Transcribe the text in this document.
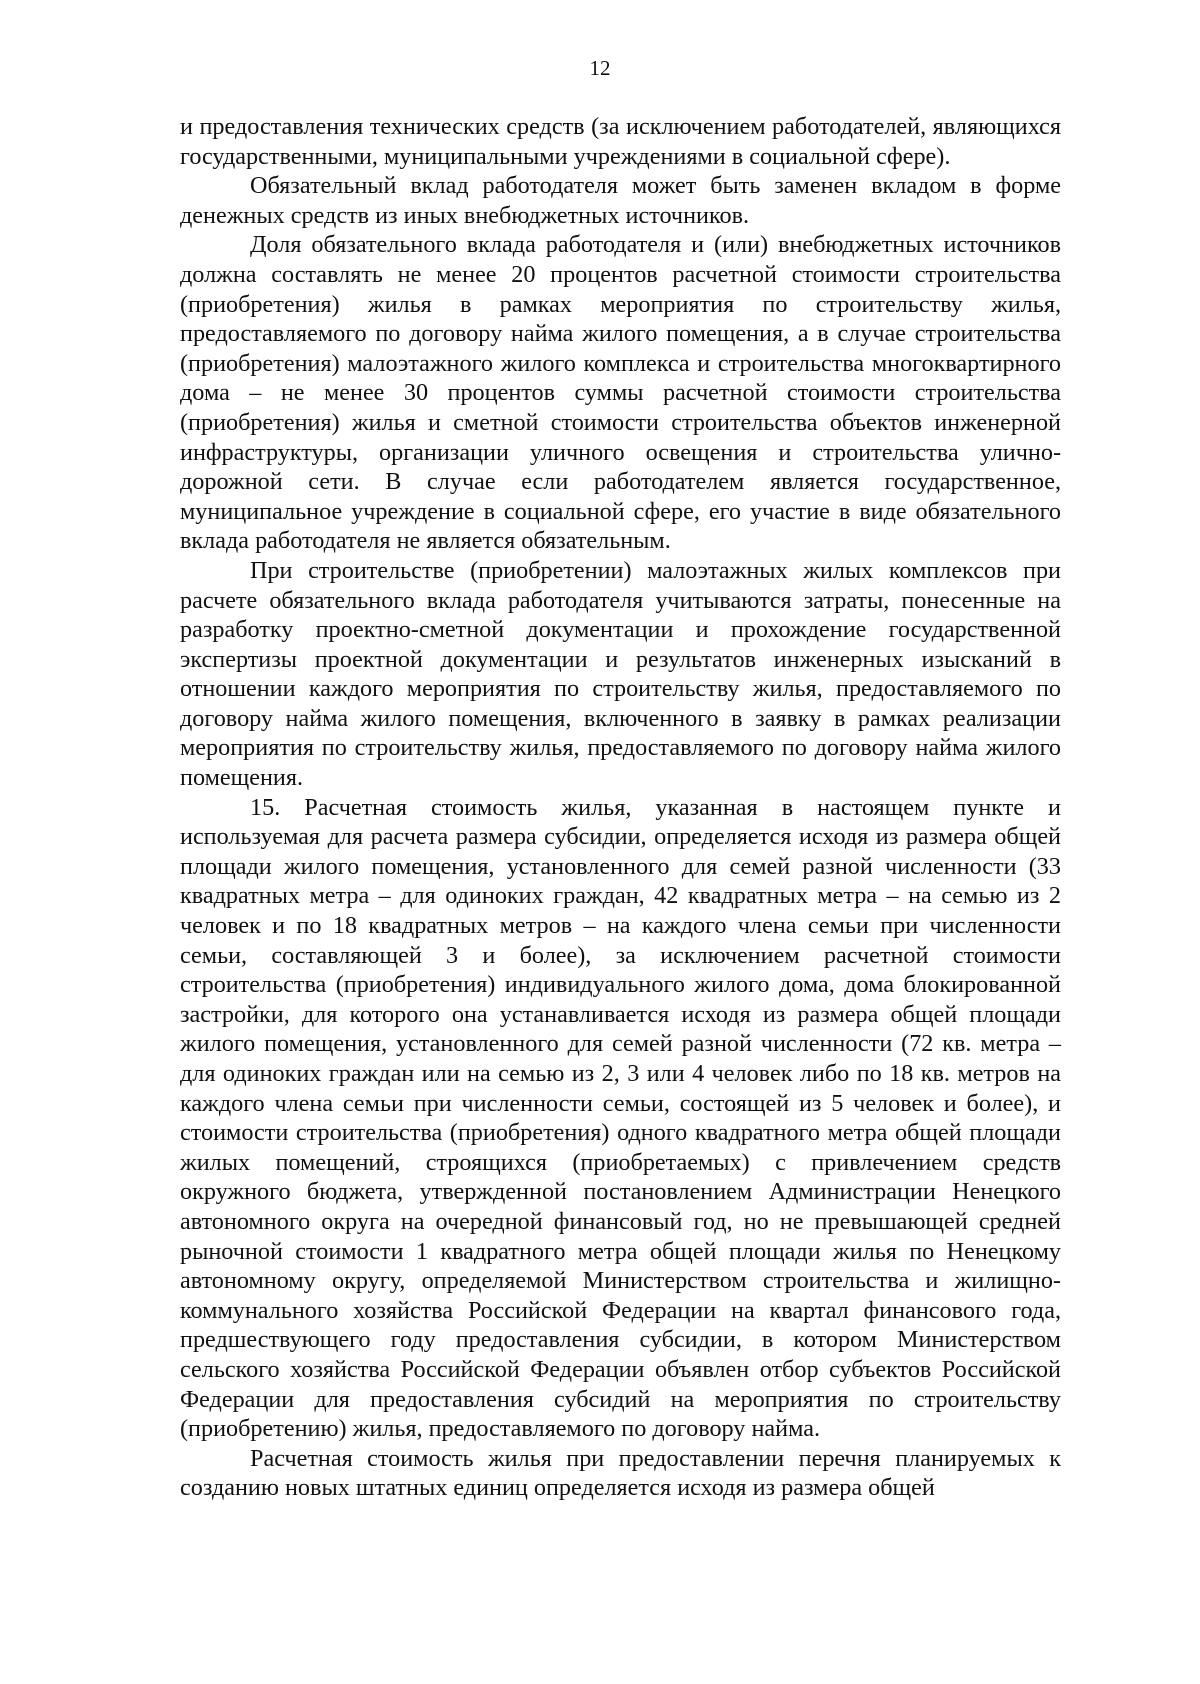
12

и предоставления технических средств (за исключением работодателей, являющихся государственными, муниципальными учреждениями в социальной сфере).

Обязательный вклад работодателя может быть заменен вкладом в форме денежных средств из иных внебюджетных источников.

Доля обязательного вклада работодателя и (или) внебюджетных источников должна составлять не менее 20 процентов расчетной стоимости строительства (приобретения) жилья в рамках мероприятия по строительству жилья, предоставляемого по договору найма жилого помещения, а в случае строительства (приобретения) малоэтажного жилого комплекса и строительства многоквартирного дома – не менее 30 процентов суммы расчетной стоимости строительства (приобретения) жилья и сметной стоимости строительства объектов инженерной инфраструктуры, организации уличного освещения и строительства улично-дорожной сети. В случае если работодателем является государственное, муниципальное учреждение в социальной сфере, его участие в виде обязательного вклада работодателя не является обязательным.

При строительстве (приобретении) малоэтажных жилых комплексов при расчете обязательного вклада работодателя учитываются затраты, понесенные на разработку проектно-сметной документации и прохождение государственной экспертизы проектной документации и результатов инженерных изысканий в отношении каждого мероприятия по строительству жилья, предоставляемого по договору найма жилого помещения, включенного в заявку в рамках реализации мероприятия по строительству жилья, предоставляемого по договору найма жилого помещения.

15. Расчетная стоимость жилья, указанная в настоящем пункте и используемая для расчета размера субсидии, определяется исходя из размера общей площади жилого помещения, установленного для семей разной численности (33 квадратных метра – для одиноких граждан, 42 квадратных метра – на семью из 2 человек и по 18 квадратных метров – на каждого члена семьи при численности семьи, составляющей 3 и более), за исключением расчетной стоимости строительства (приобретения) индивидуального жилого дома, дома блокированной застройки, для которого она устанавливается исходя из размера общей площади жилого помещения, установленного для семей разной численности (72 кв. метра – для одиноких граждан или на семью из 2, 3 или 4 человек либо по 18 кв. метров на каждого члена семьи при численности семьи, состоящей из 5 человек и более), и стоимости строительства (приобретения) одного квадратного метра общей площади жилых помещений, строящихся (приобретаемых) с привлечением средств окружного бюджета, утвержденной постановлением Администрации Ненецкого автономного округа на очередной финансовый год, но не превышающей средней рыночной стоимости 1 квадратного метра общей площади жилья по Ненецкому автономному округу, определяемой Министерством строительства и жилищно-коммунального хозяйства Российской Федерации на квартал финансового года, предшествующего году предоставления субсидии, в котором Министерством сельского хозяйства Российской Федерации объявлен отбор субъектов Российской Федерации для предоставления субсидий на мероприятия по строительству (приобретению) жилья, предоставляемого по договору найма.

Расчетная стоимость жилья при предоставлении перечня планируемых к созданию новых штатных единиц определяется исходя из размера общей
